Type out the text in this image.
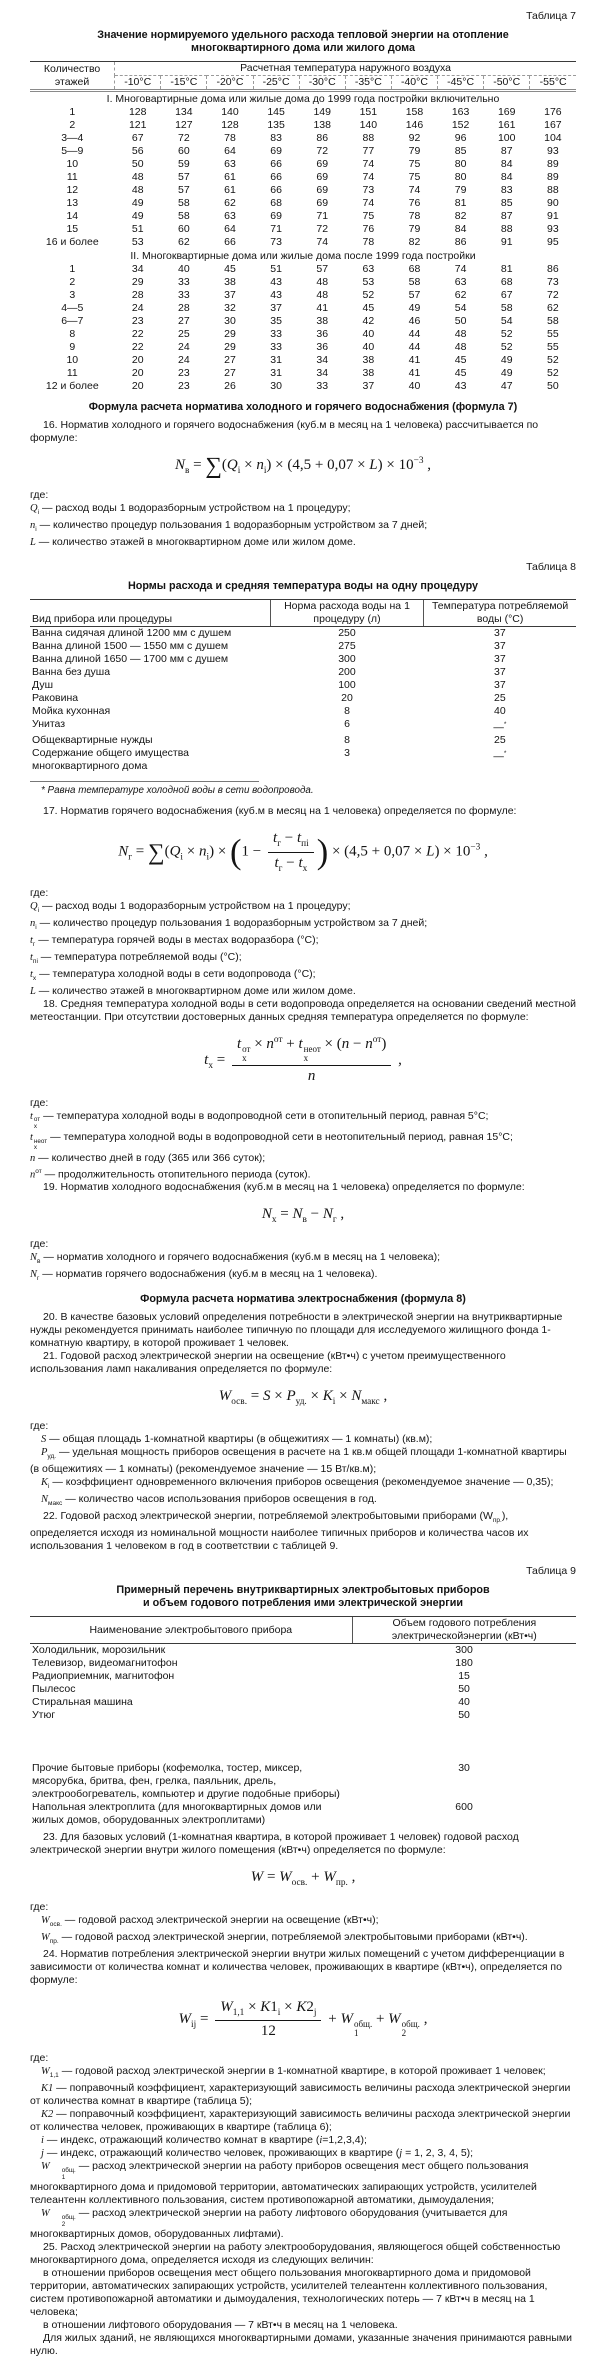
Таблица 7
Значение нормируемого удельного расхода тепловой энергии на отопление
многоквартирного дома или жилого дома
Количество этажей	Расчетная температура наружного воздуха									
	-10°С	-15°С	-20°С	-25°С	-30°С	-35°С	-40°С	-45°С	-50°С	-55°С
I. Многовартирные дома или жилые дома до 1999 года постройки включительно										
1	128	134	140	145	149	151	158	163	169	176
2	121	127	128	135	138	140	146	152	161	167
3—4	67	72	78	83	86	88	92	96	100	104
5—9	56	60	64	69	72	77	79	85	87	93
10	50	59	63	66	69	74	75	80	84	89
11	48	57	61	66	69	74	75	80	84	89
12	48	57	61	66	69	73	74	79	83	88
13	49	58	62	68	69	74	76	81	85	90
14	49	58	63	69	71	75	78	82	87	91
15	51	60	64	71	72	76	79	84	88	93
16 и более	53	62	66	73	74	78	82	86	91	95
II. Многоквартирные дома или жилые дома после 1999 года постройки										
1	34	40	45	51	57	63	68	74	81	86
2	29	33	38	43	48	53	58	63	68	73
3	28	33	37	43	48	52	57	62	67	72
4—5	24	28	32	37	41	45	49	54	58	62
6—7	23	27	30	35	38	42	46	50	54	58
8	22	25	29	33	36	40	44	48	52	55
9	22	24	29	33	36	40	44	48	52	55
10	20	24	27	31	34	38	41	45	49	52
11	20	23	27	31	34	38	41	45	49	52
12 и более	20	23	26	30	33	37	40	43	47	50
Формула расчета норматива холодного и горячего водоснабжения (формула 7)

16. Норматив холодного и горячего водоснабжения (куб.м в месяц на 1 человека) рассчитывается по формуле:

$N_в = \sum(Q_i \times n_i) \times (4,5 + 0,07 \times L) \times 10^{-3}$ ,
где:
$Q_i$ — расход воды 1 водоразборным устройством на 1 процедуру;
$n_i$ — количество процедур пользования 1 водоразборным устройством за 7 дней;
L — количество этажей в многоквартирном доме или жилом доме.
Таблица 8
Нормы расхода и средняя температура воды на одну процедуру
Вид прибора или процедуры	Норма расхода воды на 1 процедуру (л)	Температура потребляемой воды (°С)
Ванна сидячая длиной 1200 мм с душем	250	37
Ванна длиной 1500 — 1550 мм с душем	275	37
Ванна длиной 1650 — 1700 мм с душем	300	37
Ванна без душа	200	37
Душ	100	37
Раковина	20	25
Мойка кухонная	8	40
Унитаз	6	—*
Общеквартирные нужды	8	25
Содержание общего имущества многоквартирного дома	3	—*
* Равна температуре холодной воды в сети водопровода.

17. Норматив горячего водоснабжения (куб.м в месяц на 1 человека) определяется по формуле:

$N_г = \sum(Q_i \times n_i) \times (1 - \frac{t_г - t_{пi}}{t_г - t_х}$ ) × $(4,5 + 0,07 \times L) \times 10^{-3}$ ,
где:
$Q_i$ — расход воды 1 водоразборным устройством на 1 процедуру;
$n_i$ — количество процедур пользования 1 водоразборным устройством за 7 дней;
$t_г$ — температура горячей воды в местах водоразбора (°С);
$t_{пi}$ — температура потребляемой воды (°С);
$t_х$ — температура холодной воды в сети водопровода (°С);
L — количество этажей в многоквартирном доме или жилом доме.

18. Средняя температура холодной воды в сети водопровода определяется на основании сведений местной метеостанции. При отсутствии достоверных данных средняя температура определяется по формуле:

$t_х = t$ от
х
× $n^{от} + t$ неот
х
× $(n - n^{от})$
n ,
где:
t от
х
— температура холодной воды в водопроводной сети в отопительный период, равная 5°С;
t неот
х
— температура холодной воды в водопроводной сети в неотопительный период, равная 15°С;
n — количество дней в году (365 или 366 суток);
$n^{от}$ — продолжительность отопительного периода (суток).

19. Норматив холодного водоснабжения (куб.м в месяц на 1 человека) определяется по формуле:

$N_х = N_в - N_г$ ,
где:
$N_в$ — норматив холодного и горячего водоснабжения (куб.м в месяц на 1 человека);
$N_г$ — норматив горячего водоснабжения (куб.м в месяц на 1 человека).
Формула расчета норматива электроснабжения (формула 8)

20. В качестве базовых условий определения потребности в электрической энергии на внутриквартирные нужды рекомендуется принимать наиболее типичную по площади для исследуемого жилищного фонда 1-комнатную квартиру, в которой проживает 1 человек.

21. Годовой расход электрической энергии на освещение (кВт•ч) с учетом преимущественного использования ламп накаливания определяется по формуле:

$W_{осв.} = S \times P_{уд.} \times K_i \times N_{макс}$ ,
где:
S — общая площадь 1-комнатной квартиры (в общежитиях — 1 комнаты) (кв.м);
$P_{уд.}$ — удельная мощность приборов освещения в расчете на 1 кв.м общей площади 1-комнатной квартиры (в общежитиях — 1 комнаты) (рекомендуемое значение — 15 Вт/кв.м);
$K_i$ — коэффициент одновременного включения приборов освещения (рекомендуемое значение — 0,35);
$N_{макс}$ — количество часов использования приборов освещения в год.

22. Годовой расход электрической энергии, потребляемой электробытовыми приборами $(W_{пр.})$, определяется исходя из номинальной мощности наиболее типичных приборов и количества часов их использования 1 человеком в год в соответствии с таблицей 9.

Таблица 9
Примерный перечень внутриквартирных электробытовых приборов
и объем годового потребления ими электрической энергии
Наименование электробытового прибора	Объем годового потребления электрическойэнергии (кВт•ч)
Холодильник, морозильник	300
Телевизор, видеомагнитофон	180
Радиоприемник, магнитофон	15
Пылесос	50
Стиральная машина	40
Утюг	50

Прочие бытовые приборы (кофемолка, тостер, миксер, мясорубка, бритва, фен, грелка, паяльник, дрель, электрообогреватель, компьютер и другие подобные приборы)	30
Напольная электроплита (для многоквартирных домов или жилых домов, оборудованных электроплитами)	600

23. Для базовых условий (1-комнатная квартира, в которой проживает 1 человек) годовой расход электрической энергии внутри жилого помещения (кВт•ч) определяется по формуле:

$W = W_{осв.} + W_{пр.}$ ,
где:
$W_{осв.}$ — годовой расход электрической энергии на освещение (кВт•ч);
$W_{пр.}$ — годовой расход электрической энергии, потребляемой электробытовыми приборами (кВт•ч).

24. Норматив потребления электрической энергии внутри жилых помещений с учетом дифференциации в зависимости от количества комнат и количества человек, проживающих в квартире (кВт•ч), определяется по формуле:

$W_{ij} = \frac{W_{1,1} \times K1_i \times K2_j}{12} + W$ общ.
1
+ W общ.
2
,
где:
$W_{1,1}$ — годовой расход электрической энергии в 1-комнатной квартире, в которой проживает 1 человек;
K1 — поправочный коэффициент, характеризующий зависимость величины расхода электрической энергии от количества комнат в квартире (таблица 5);
K2 — поправочный коэффициент, характеризующий зависимость величины расхода электрической энергии от количества человек, проживающих в квартире (таблица 6);
i — индекс, отражающий количество комнат в квартире (i=1,2,3,4);
j — индекс, отражающий количество человек, проживающих в квартире (j = 1, 2, 3, 4, 5);
W	общ.
1
— расход электрической энергии на работу приборов освещения мест общего пользования многоквартирного дома и придомовой территории, автоматических запирающих устройств, усилителей телеантенн коллективного пользования, систем противопожарной автоматики, дымоудаления;
W	общ.
2
— расход электрической энергии на работу лифтового оборудования (учитывается для многоквартирных домов, оборудованных лифтами).

25. Расход электрической энергии на работу электрооборудования, являющегося общей собственностью многоквартирного дома, определяется исходя из следующих величин:

в отношении приборов освещения мест общего пользования многоквартирного дома и придомовой территории, автоматических запирающих устройств, усилителей телеантенн коллективного пользования, систем противопожарной автоматики и дымоудаления, технологических потерь — 7 кВт•ч в месяц на 1 человека;

в отношении лифтового оборудования — 7 кВт•ч в месяц на 1 человека.

Для жилых зданий, не являющихся многоквартирными домами, указанные значения принимаются равными нулю.
